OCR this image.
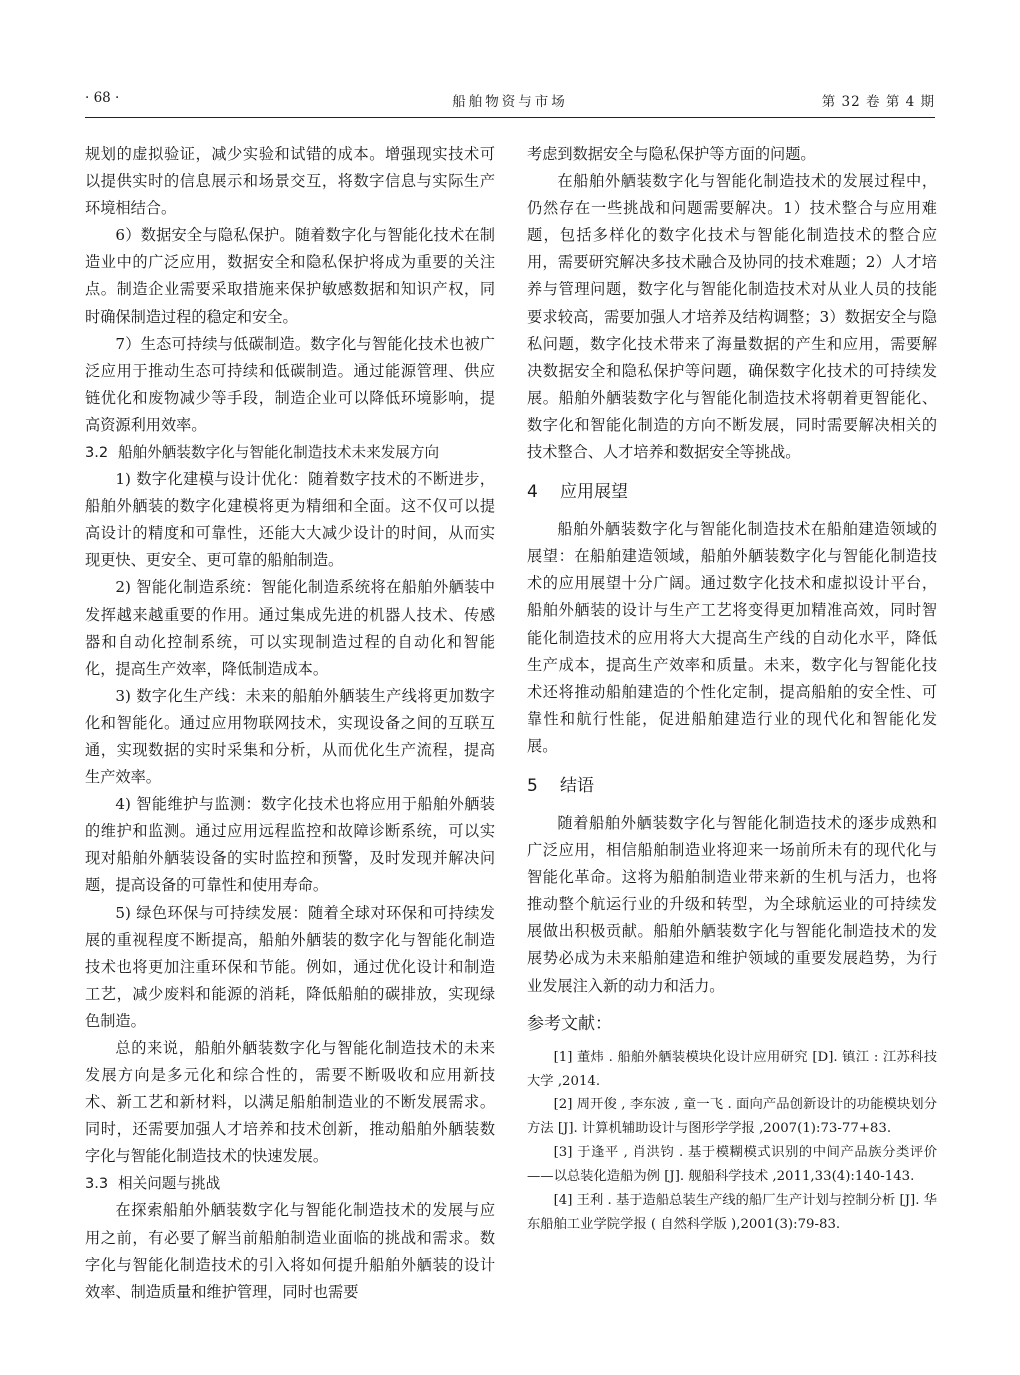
· 68 ·	船舶物资与市场	第 32 卷 第 4 期

规划的虚拟验证，减少实验和试错的成本。增强现实技术可以提供实时的信息展示和场景交互，将数字信息与实际生产环境相结合。

6）数据安全与隐私保护。随着数字化与智能化技术在制造业中的广泛应用，数据安全和隐私保护将成为重要的关注点。制造企业需要采取措施来保护敏感数据和知识产权，同时确保制造过程的稳定和安全。

7）生态可持续与低碳制造。数字化与智能化技术也被广泛应用于推动生态可持续和低碳制造。通过能源管理、供应链优化和废物减少等手段，制造企业可以降低环境影响，提高资源利用效率。

3.2 船舶外舾装数字化与智能化制造技术未来发展方向

1) 数字化建模与设计优化：随着数字技术的不断进步，船舶外舾装的数字化建模将更为精细和全面。这不仅可以提高设计的精度和可靠性，还能大大减少设计的时间，从而实现更快、更安全、更可靠的船舶制造。

2) 智能化制造系统：智能化制造系统将在船舶外舾装中发挥越来越重要的作用。通过集成先进的机器人技术、传感器和自动化控制系统，可以实现制造过程的自动化和智能化，提高生产效率，降低制造成本。

3) 数字化生产线：未来的船舶外舾装生产线将更加数字化和智能化。通过应用物联网技术，实现设备之间的互联互通，实现数据的实时采集和分析，从而优化生产流程，提高生产效率。

4) 智能维护与监测：数字化技术也将应用于船舶外舾装的维护和监测。通过应用远程监控和故障诊断系统，可以实现对船舶外舾装设备的实时监控和预警，及时发现并解决问题，提高设备的可靠性和使用寿命。

5) 绿色环保与可持续发展：随着全球对环保和可持续发展的重视程度不断提高，船舶外舾装的数字化与智能化制造技术也将更加注重环保和节能。例如，通过优化设计和制造工艺，减少废料和能源的消耗，降低船舶的碳排放，实现绿色制造。

总的来说，船舶外舾装数字化与智能化制造技术的未来发展方向是多元化和综合性的，需要不断吸收和应用新技术、新工艺和新材料，以满足船舶制造业的不断发展需求。同时，还需要加强人才培养和技术创新，推动船舶外舾装数字化与智能化制造技术的快速发展。

3.3 相关问题与挑战

在探索船舶外舾装数字化与智能化制造技术的发展与应用之前，有必要了解当前船舶制造业面临的挑战和需求。数字化与智能化制造技术的引入将如何提升船舶外舾装的设计效率、制造质量和维护管理，同时也需要

考虑到数据安全与隐私保护等方面的问题。

在船舶外舾装数字化与智能化制造技术的发展过程中，仍然存在一些挑战和问题需要解决。1）技术整合与应用难题，包括多样化的数字化技术与智能化制造技术的整合应用，需要研究解决多技术融合及协同的技术难题；2）人才培养与管理问题，数字化与智能化制造技术对从业人员的技能要求较高，需要加强人才培养及结构调整；3）数据安全与隐私问题，数字化技术带来了海量数据的产生和应用，需要解决数据安全和隐私保护等问题，确保数字化技术的可持续发展。船舶外舾装数字化与智能化制造技术将朝着更智能化、数字化和智能化制造的方向不断发展，同时需要解决相关的技术整合、人才培养和数据安全等挑战。

4 应用展望

船舶外舾装数字化与智能化制造技术在船舶建造领域的展望：在船舶建造领域，船舶外舾装数字化与智能化制造技术的应用展望十分广阔。通过数字化技术和虚拟设计平台，船舶外舾装的设计与生产工艺将变得更加精准高效，同时智能化制造技术的应用将大大提高生产线的自动化水平，降低生产成本，提高生产效率和质量。未来，数字化与智能化技术还将推动船舶建造的个性化定制，提高船舶的安全性、可靠性和航行性能，促进船舶建造行业的现代化和智能化发展。

5 结语

随着船舶外舾装数字化与智能化制造技术的逐步成熟和广泛应用，相信船舶制造业将迎来一场前所未有的现代化与智能化革命。这将为船舶制造业带来新的生机与活力，也将推动整个航运行业的升级和转型，为全球航运业的可持续发展做出积极贡献。船舶外舾装数字化与智能化制造技术的发展势必成为未来船舶建造和维护领域的重要发展趋势，为行业发展注入新的动力和活力。

参考文献：

[1] 董炜 . 船舶外舾装模块化设计应用研究 [D]. 镇江 : 江苏科技大学 ,2014.

[2] 周开俊 , 李东波 , 童一飞 . 面向产品创新设计的功能模块划分方法 [J]. 计算机辅助设计与图形学学报 ,2007(1):73-77+83.

[3] 于逢平 , 肖洪钧 . 基于模糊模式识别的中间产品族分类评价——以总装化造船为例 [J]. 舰船科学技术 ,2011,33(4):140-143.

[4] 王利 . 基于造船总装生产线的船厂生产计划与控制分析 [J]. 华东船舶工业学院学报 ( 自然科学版 ),2001(3):79-83.
